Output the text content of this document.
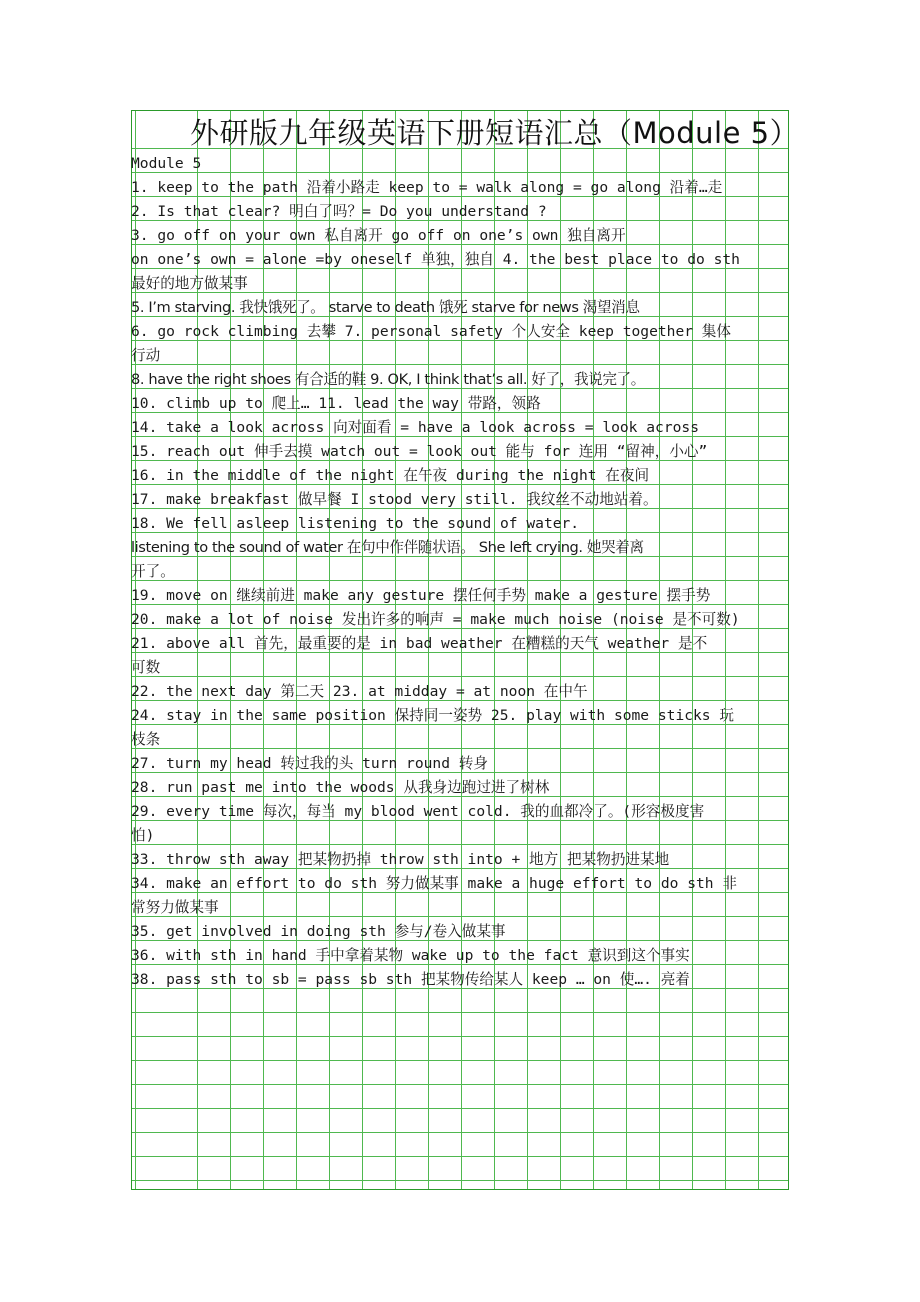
外研版九年级英语下册短语汇总（Module 5）
Module 5
1. keep to the path 沿着小路走 keep to = walk along = go along 沿着…走
2. Is that clear? 明白了吗？= Do you understand ?
3. go off on your own 私自离开 go off on one’s own 独自离开
on one’s own = alone =by oneself 单独，独自 4. the best place to do sth
最好的地方做某事
5. I’m starving. 我快饿死了。 starve to death 饿死 starve for news 渴望消息
6. go rock climbing 去攀 7. personal safety 个人安全 keep together 集体
行动
8. have the right shoes 有合适的鞋 9. OK, I think that’s all. 好了，我说完了。
10. climb up to 爬上… 11. lead the way 带路，领路
14. take a look across 向对面看 = have a look across = look across
15. reach out 伸手去摸 watch out = look out 能与 for 连用 “留神，小心”
16. in the middle of the night 在午夜 during the night 在夜间
17. make breakfast 做早餐 I stood very still. 我纹丝不动地站着。
18. We fell asleep listening to the sound of water.
listening to the sound of water 在句中作伴随状语。 She left crying. 她哭着离
开了。
19. move on 继续前进 make any gesture 摆任何手势 make a gesture 摆手势
20. make a lot of noise 发出许多的响声 = make much noise (noise 是不可数)
21. above all 首先，最重要的是 in bad weather 在糟糕的天气 weather 是不
可数
22. the next day 第二天 23. at midday = at noon 在中午
24. stay in the same position 保持同一姿势 25. play with some sticks 玩
枝条
27. turn my head 转过我的头 turn round 转身
28. run past me into the woods 从我身边跑过进了树林
29. every time 每次，每当 my blood went cold. 我的血都冷了。(形容极度害
怕)
33. throw sth away 把某物扔掉 throw sth into + 地方 把某物扔进某地
34. make an effort to do sth 努力做某事 make a huge effort to do sth 非
常努力做某事
35. get involved in doing sth 参与/卷入做某事
36. with sth in hand 手中拿着某物 wake up to the fact 意识到这个事实
38. pass sth to sb = pass sb sth 把某物传给某人 keep … on 使…. 亮着
